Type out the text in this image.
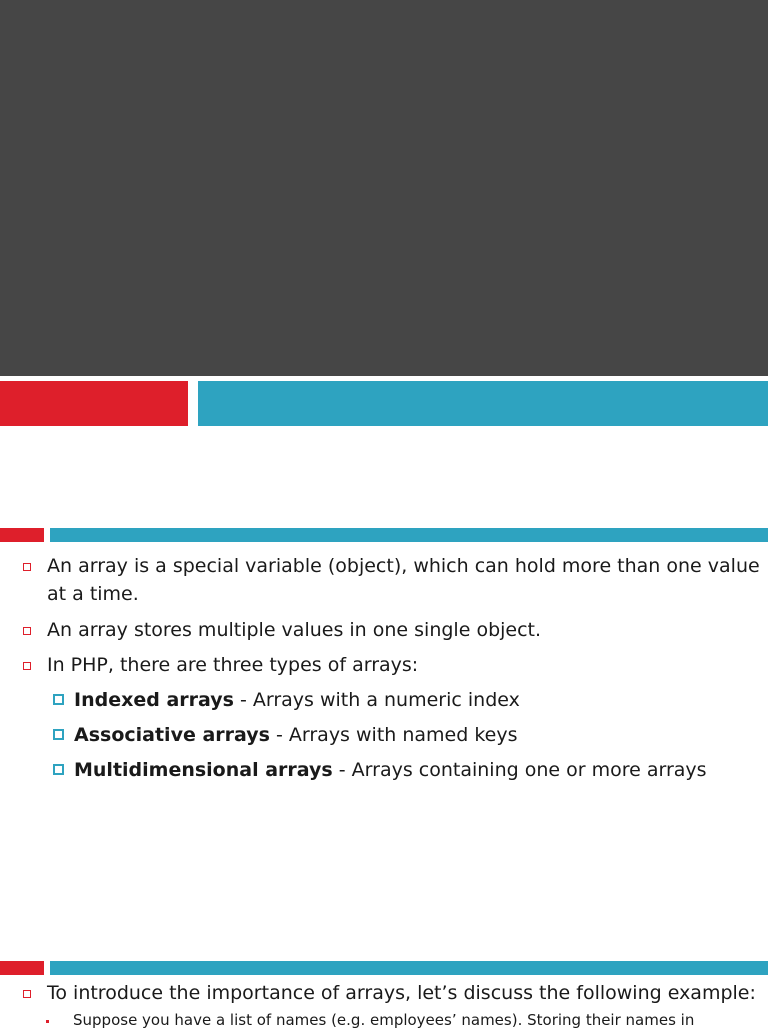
An array is a special variable (object), which can hold more than one value
at a time.
An array stores multiple values in one single object.
In PHP, there are three types of arrays:
Indexed arrays - Arrays with a numeric index
Associative arrays - Arrays with named keys
Multidimensional arrays - Arrays containing one or more arrays
To introduce the importance of arrays, let’s discuss the following example:
Suppose you have a list of names (e.g. employees’ names). Storing their names in
